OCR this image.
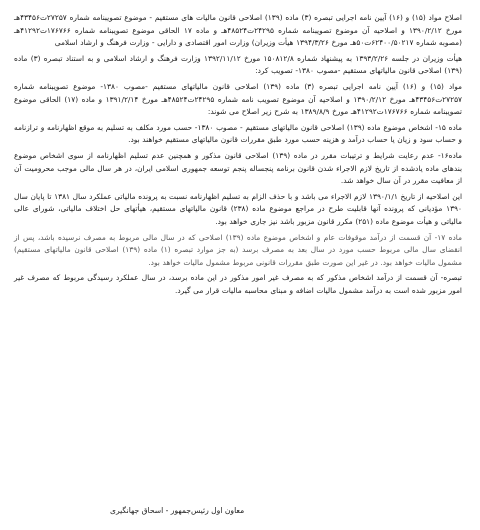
اصلاح مواد (۱۵) و (۱۶) آیین نامه اجرایی تبصره (۳) ماده (۱۳۹) اصلاحی قانون مالیات های مستقیم - موضوع تصویبنامه شماره ۲۷۲۵۷ت۴۳۴۵۶هـ مورخ ۱۳۹۰/۲/۱۲ و اصلاحیه آن موضوع تصویبنامه شماره ۲۴۲۹۵ت۴۸۵۲۴هـ و ماده ۱۷ الحاقی موضوع تصویبنامه شماره ۱۷۶۷۶۶ت۴۱۲۹۲هـ (مصوبه شماره ۶۲۴۰۰/۵۰۲۱۷ت۵۰هـ مورخ ۱۳۹۴/۳/۲۶ هیأت وزیران) وزارت امور اقتصادی و دارایی - وزارت فرهنگ و ارشاد اسلامی

هیأت وزیران در جلسه ۱۳۹۳/۲/۲۶ به پیشنهاد شماره ۱۵۰۸۱۲/۸ مورخ ۱۳۹۲/۱۱/۱۲ وزارت فرهنگ و ارشاد اسلامی و به استناد تبصره (۳) ماده (۱۳۹) اصلاحی قانون مالیاتهای مستقیم -مصوب ۱۳۸۰- تصویب کرد:

مواد (۱۵) و (۱۶) آیین نامه اجرایی تبصره (۳) ماده (۱۳۹) اصلاحی قانون مالیاتهای مستقیم -مصوب ۱۳۸۰- موضوع تصویبنامه شماره ۲۷۲۵۷ت۴۳۴۵۶هـ مورخ ۱۳۹۰/۲/۱۲ و اصلاحیه آن موضوع تصویب نامه شماره ۲۴۲۹۵ت۴۸۵۲۴هـ مورخ ۱۳۹۱/۲/۱۴ و ماده (۱۷) الحاقی موضوع تصویبنامه شماره ۱۷۶۷۶۶ت۴۱۲۹۲هـ مورخ ۱۳۸۹/۸/۹ به شرح زیر اصلاح می شوند:

ماده ۱۵- اشخاص موضوع ماده (۱۳۹) اصلاحی قانون مالیاتهای مستقیم - مصوب ۱۳۸۰- حسب مورد مکلف به تسلیم به موقع اظهارنامه و ترازنامه و حساب سود و زیان یا حساب درآمد و هزینه حسب مورد طبق مقررات قانون مالیاتهای مستقیم خواهند بود.

ماده۱۶- عدم رعایت شرایط و ترتیبات مقرر در ماده (۱۳۹) اصلاحی قانون مذکور و همچنین عدم تسلیم اظهارنامه از سوی اشخاص موضوع بندهای ماده یادشده از تاریخ لازم الاجراء شدن قانون برنامه پنجساله پنجم توسعه جمهوری اسلامی ایران، در هر سال مالی موجب محرومیت آن از معافیت مقرر در آن سال خواهد شد.

این اصلاحیه از تاریخ ۱۳۹۰/۱/۱ لازم الاجراء می باشد و با حذف الزام به تسلیم اظهارنامه نسبت به پرونده مالیاتی عملکرد سال ۱۳۸۱ تا پایان سال ۱۳۹۰ مؤدیانی که پرونده آنها قابلیت طرح در مراجع موضوع ماده (۲۳۸) قانون مالیاتهای مستقیم، هیأتهای حل اختلاف مالیاتی، شورای عالی مالیاتی و هیأت موضوع ماده (۲۵۱) مکرر قانون مزبور باشد نیز جاری خواهد بود.

ماده ۱۷- آن قسمت از درآمد موقوفات عام و اشخاص موضوع ماده (۱۳۹) اصلاحی که در سال مالی مربوط به مصرف نرسیده باشد، پس از انقضای سال مالی مربوط حسب مورد در سال بعد به مصرف برسد (به جز موارد تبصره (۱) ماده (۱۳۹) اصلاحی قانون مالیاتهای مستقیم) مشمول مالیات خواهد بود. در غیر این صورت طبق مقررات قانونی مربوط مشمول مالیات خواهد بود.

تبصره- آن قسمت از درآمد اشخاص مذکور که به مصرف غیر امور مذکور در این ماده برسد، در سال عملکرد رسیدگی مربوط که مصرف غیر امور مزبور شده است به درآمد مشمول مالیات اضافه و مبنای محاسبه مالیات قرار می گیرد.

معاون اول رئیس‌جمهور - اسحاق جهانگیری
